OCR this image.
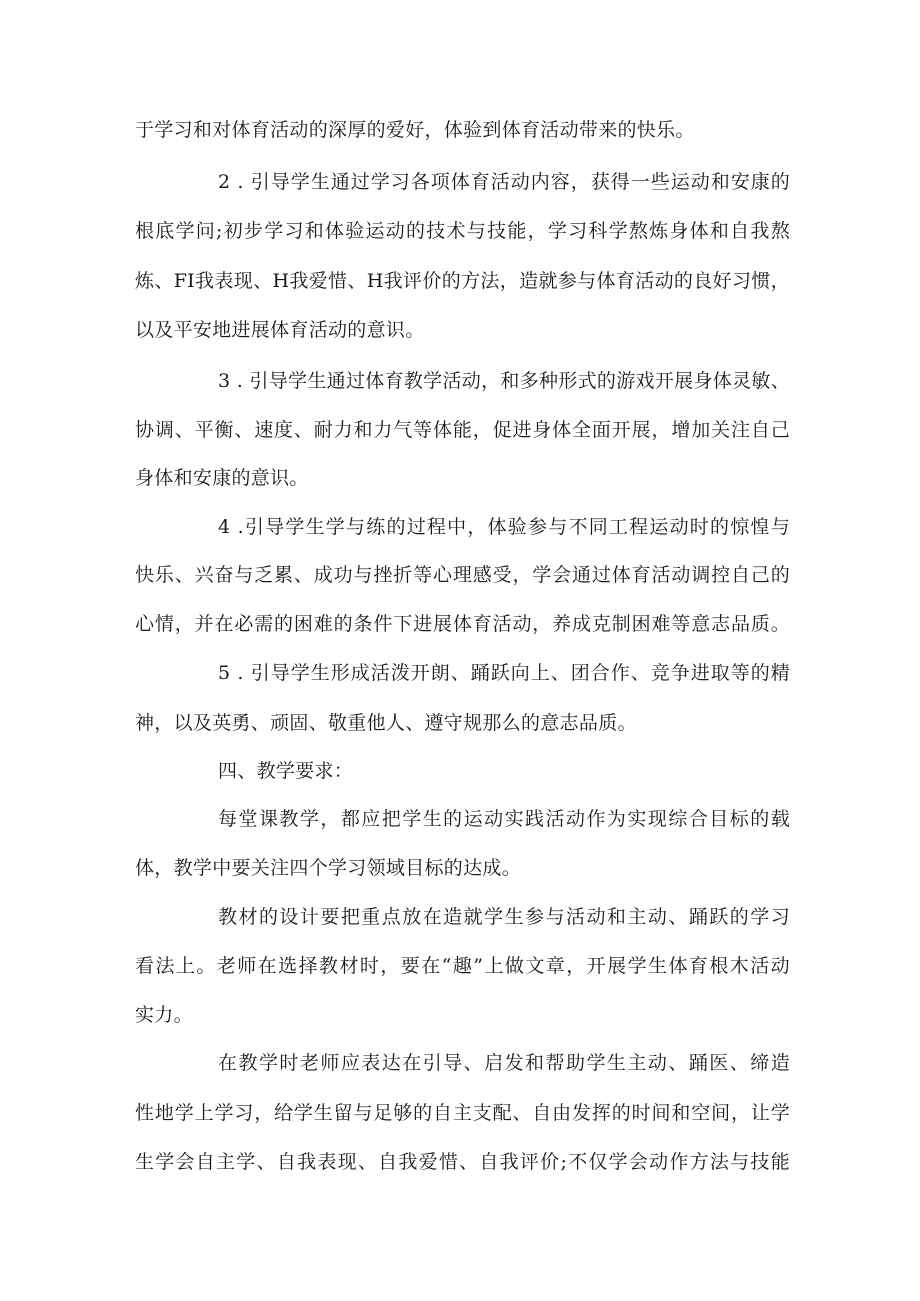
于学习和对体育活动的深厚的爱好，体验到体育活动带来的快乐。
2 . 引导学生通过学习各项体育活动内容，获得一些运动和安康的
根底学问;初步学习和体验运动的技术与技能，学习科学熬炼身体和自我熬
炼、FI我表现、H我爱惜、H我评价的方法，造就参与体育活动的良好习惯，
以及平安地进展体育活动的意识。
3 . 引导学生通过体育教学活动，和多种形式的游戏开展身体灵敏、
协调、平衡、速度、耐力和力气等体能，促进身体全面开展，增加关注自己
身体和安康的意识。
4 .引导学生学与练的过程中，体验参与不同工程运动时的惊惶与
快乐、兴奋与乏累、成功与挫折等心理感受，学会通过体育活动调控自己的
心情，并在必需的困难的条件下进展体育活动，养成克制困难等意志品质。
5 . 引导学生形成活泼开朗、踊跃向上、团合作、竞争进取等的精
神，以及英勇、顽固、敬重他人、遵守规那么的意志品质。
四、教学要求：
每堂课教学，都应把学生的运动实践活动作为实现综合目标的载
体，教学中要关注四个学习领域目标的达成。
教材的设计要把重点放在造就学生参与活动和主动、踊跃的学习
看法上。老师在选择教材时，要在“趣”上做文章，开展学生体育根木活动
实力。
在教学时老师应表达在引导、启发和帮助学生主动、踊医、缔造
性地学上学习，给学生留与足够的自主支配、自由发挥的时间和空间，让学
生学会自主学、自我表现、自我爱惜、自我评价;不仅学会动作方法与技能
